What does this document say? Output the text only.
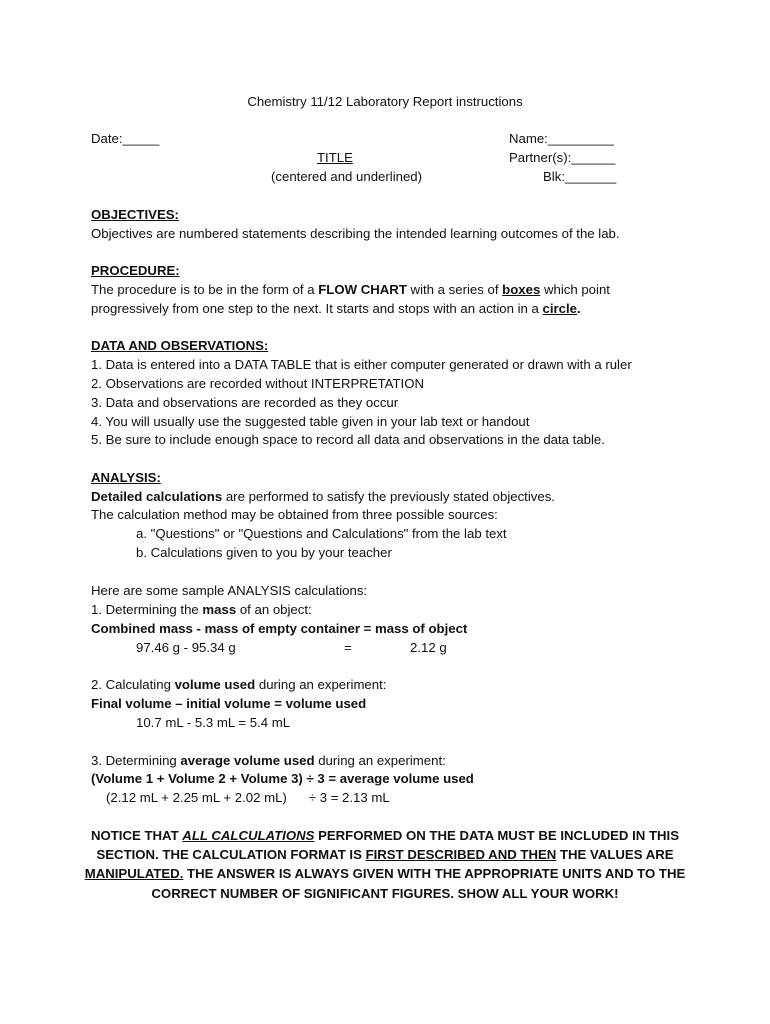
Chemistry 11/12 Laboratory Report instructions
Date:_____	Name:_________
TITLE	Partner(s):______
(centered and underlined)	Blk:_______
OBJECTIVES:
Objectives are numbered statements describing the intended learning outcomes of the lab.
PROCEDURE:
The procedure is to be in the form of a FLOW CHART with a series of boxes which point
progressively from one step to the next. It starts and stops with an action in a circle.
DATA AND OBSERVATIONS:
1. Data is entered into a DATA TABLE that is either computer generated or drawn with a ruler
2. Observations are recorded without INTERPRETATION
3. Data and observations are recorded as they occur
4. You will usually use the suggested table given in your lab text or handout
5. Be sure to include enough space to record all data and observations in the data table.
ANALYSIS:
Detailed calculations are performed to satisfy the previously stated objectives.
The calculation method may be obtained from three possible sources:
a. "Questions" or "Questions and Calculations" from the lab text
b. Calculations given to you by your teacher
Here are some sample ANALYSIS calculations:
1. Determining the mass of an object:
Combined mass - mass of empty container = mass of object
97.46 g - 95.34 g	=	2.12 g
2. Calculating volume used during an experiment:
Final volume – initial volume = volume used
10.7 mL - 5.3 mL = 5.4 mL
3. Determining average volume used during an experiment:
(Volume 1 + Volume 2 + Volume 3) ÷ 3 = average volume used
(2.12 mL + 2.25 mL + 2.02 mL)      ÷ 3 = 2.13 mL
NOTICE THAT ALL CALCULATIONS PERFORMED ON THE DATA MUST BE INCLUDED IN THIS SECTION. THE CALCULATION FORMAT IS FIRST DESCRIBED AND THEN THE VALUES ARE MANIPULATED. THE ANSWER IS ALWAYS GIVEN WITH THE APPROPRIATE UNITS AND TO THE CORRECT NUMBER OF SIGNIFICANT FIGURES. SHOW ALL YOUR WORK!
